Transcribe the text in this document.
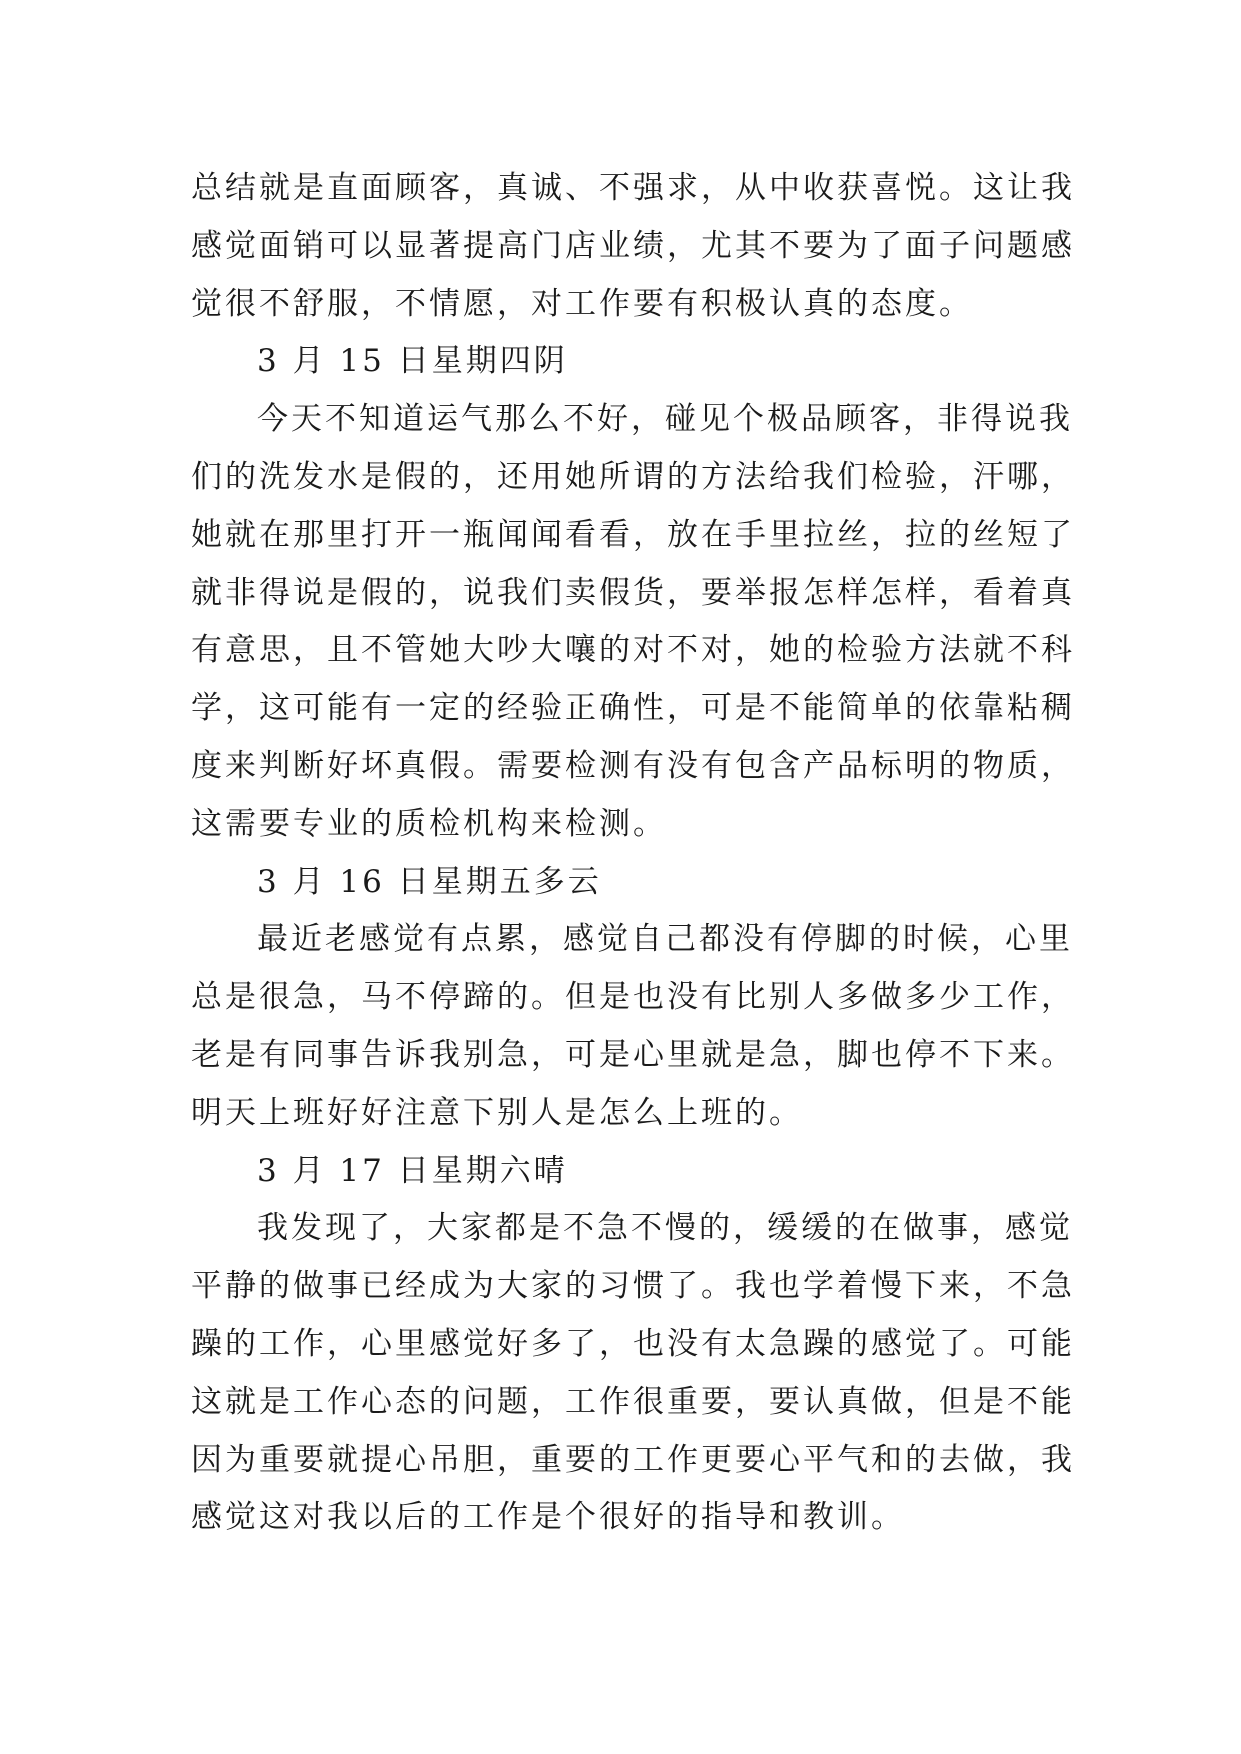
总结就是直面顾客，真诚、不强求，从中收获喜悦。这让我
感觉面销可以显著提高门店业绩，尤其不要为了面子问题感
觉很不舒服，不情愿，对工作要有积极认真的态度。
3 月 15 日星期四阴
今天不知道运气那么不好，碰见个极品顾客，非得说我
们的洗发水是假的，还用她所谓的方法给我们检验，汗哪，
她就在那里打开一瓶闻闻看看，放在手里拉丝，拉的丝短了
就非得说是假的，说我们卖假货，要举报怎样怎样，看着真
有意思，且不管她大吵大嚷的对不对，她的检验方法就不科
学，这可能有一定的经验正确性，可是不能简单的依靠粘稠
度来判断好坏真假。需要检测有没有包含产品标明的物质，
这需要专业的质检机构来检测。
3 月 16 日星期五多云
最近老感觉有点累，感觉自己都没有停脚的时候，心里
总是很急，马不停蹄的。但是也没有比别人多做多少工作，
老是有同事告诉我别急，可是心里就是急，脚也停不下来。
明天上班好好注意下别人是怎么上班的。
3 月 17 日星期六晴
我发现了，大家都是不急不慢的，缓缓的在做事，感觉
平静的做事已经成为大家的习惯了。我也学着慢下来，不急
躁的工作，心里感觉好多了，也没有太急躁的感觉了。可能
这就是工作心态的问题，工作很重要，要认真做，但是不能
因为重要就提心吊胆，重要的工作更要心平气和的去做，我
感觉这对我以后的工作是个很好的指导和教训。
